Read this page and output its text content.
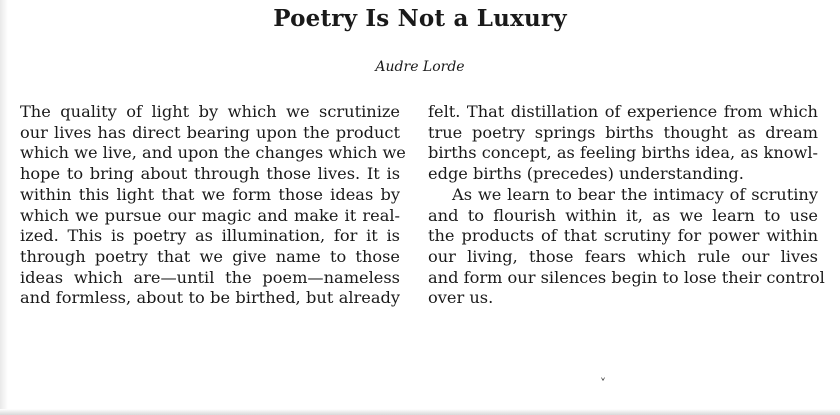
Poetry Is Not a Luxury
Audre Lorde

The quality of light by which we scrutinize
our lives has direct bearing upon the product
which we live, and upon the changes which we
hope to bring about through those lives. It is
within this light that we form those ideas by
which we pursue our magic and make it real-
ized. This is poetry as illumination, for it is
through poetry that we give name to those
ideas which are—until the poem—nameless
and formless, about to be birthed, but already

felt. That distillation of experience from which
true poetry springs births thought as dream
births concept, as feeling births idea, as knowl-
edge births (precedes) understanding.

As we learn to bear the intimacy of scrutiny
and to flourish within it, as we learn to use
the products of that scrutiny for power within
our living, those fears which rule our lives
and form our silences begin to lose their control
over us.

ˬ
